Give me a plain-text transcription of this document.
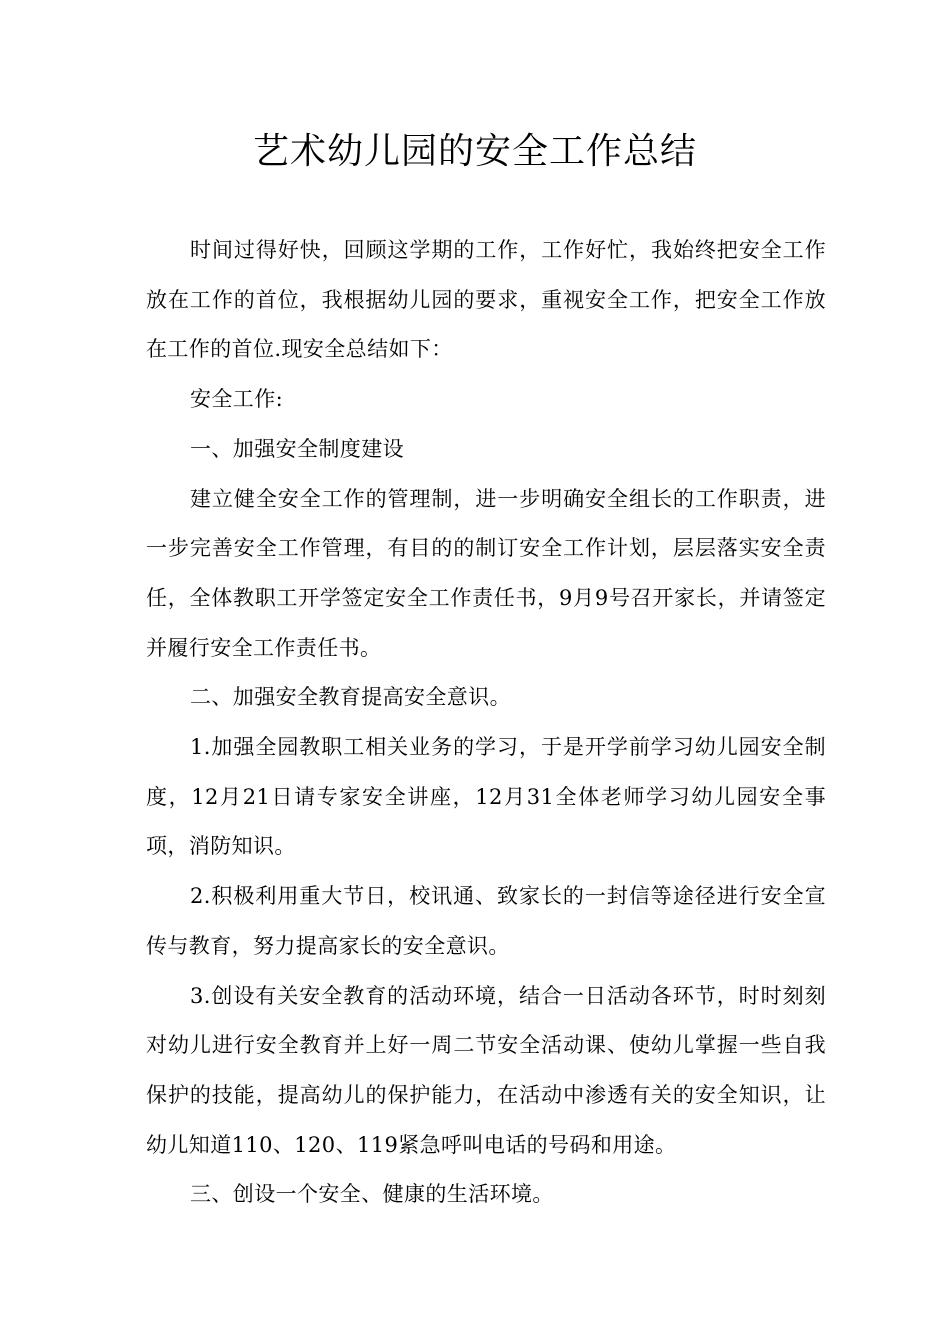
艺术幼儿园的安全工作总结

时间过得好快，回顾这学期的工作，工作好忙，我始终把安全工作放在工作的首位，我根据幼儿园的要求，重视安全工作，把安全工作放在工作的首位.现安全总结如下：

安全工作:

一、加强安全制度建设

建立健全安全工作的管理制，进一步明确安全组长的工作职责，进一步完善安全工作管理，有目的的制订安全工作计划，层层落实安全责任，全体教职工开学签定安全工作责任书，9月9号召开家长，并请签定并履行安全工作责任书。

二、加强安全教育提高安全意识。

1.加强全园教职工相关业务的学习，于是开学前学习幼儿园安全制度，12月21日请专家安全讲座，12月31全体老师学习幼儿园安全事项，消防知识。

2.积极利用重大节日，校讯通、致家长的一封信等途径进行安全宣传与教育，努力提高家长的安全意识。

3.创设有关安全教育的活动环境，结合一日活动各环节，时时刻刻对幼儿进行安全教育并上好一周二节安全活动课、使幼儿掌握一些自我保护的技能，提高幼儿的保护能力，在活动中渗透有关的安全知识，让幼儿知道110、120、119紧急呼叫电话的号码和用途。

三、创设一个安全、健康的生活环境。
